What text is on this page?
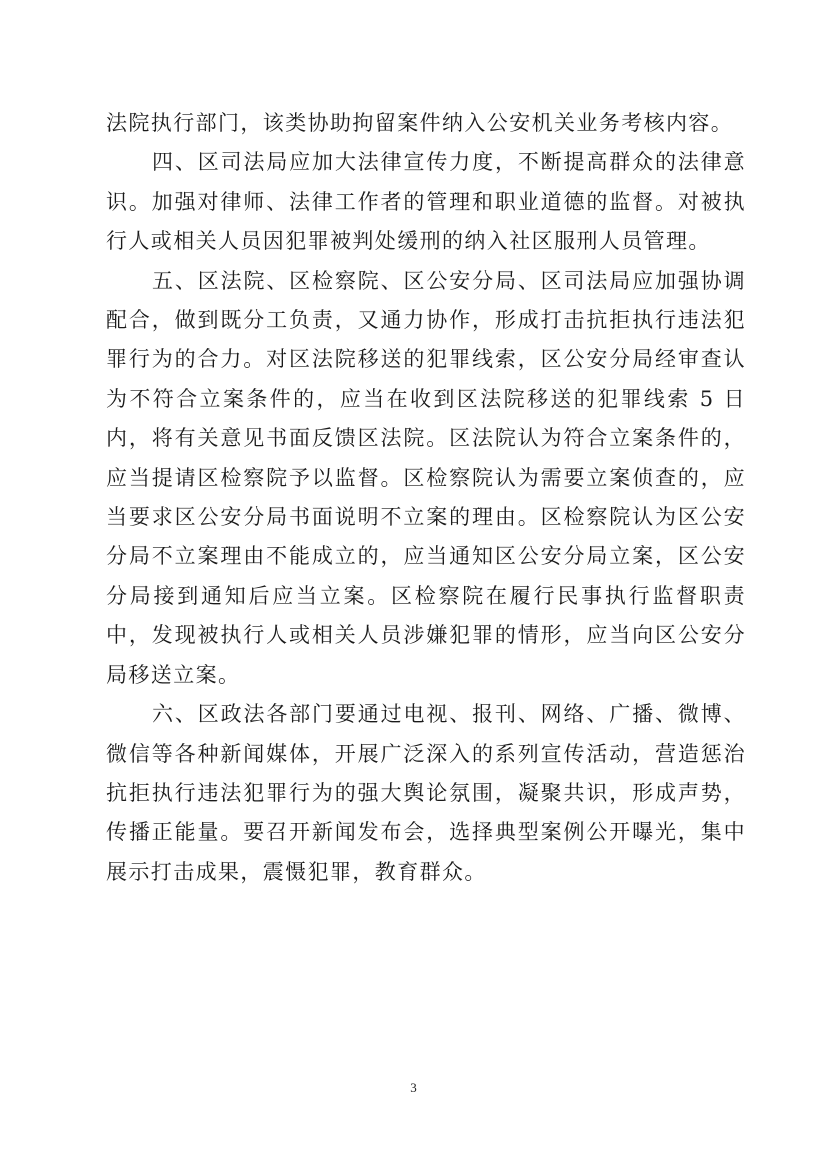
法院执行部门，该类协助拘留案件纳入公安机关业务考核内容。

四、区司法局应加大法律宣传力度，不断提高群众的法律意识。加强对律师、法律工作者的管理和职业道德的监督。对被执行人或相关人员因犯罪被判处缓刑的纳入社区服刑人员管理。

五、区法院、区检察院、区公安分局、区司法局应加强协调配合，做到既分工负责，又通力协作，形成打击抗拒执行违法犯罪行为的合力。对区法院移送的犯罪线索，区公安分局经审查认为不符合立案条件的，应当在收到区法院移送的犯罪线索 5 日内，将有关意见书面反馈区法院。区法院认为符合立案条件的，应当提请区检察院予以监督。区检察院认为需要立案侦查的，应当要求区公安分局书面说明不立案的理由。区检察院认为区公安分局不立案理由不能成立的，应当通知区公安分局立案，区公安分局接到通知后应当立案。区检察院在履行民事执行监督职责中，发现被执行人或相关人员涉嫌犯罪的情形，应当向区公安分局移送立案。

六、区政法各部门要通过电视、报刊、网络、广播、微博、微信等各种新闻媒体，开展广泛深入的系列宣传活动，营造惩治抗拒执行违法犯罪行为的强大舆论氛围，凝聚共识，形成声势，传播正能量。要召开新闻发布会，选择典型案例公开曝光，集中展示打击成果，震慑犯罪，教育群众。

3
